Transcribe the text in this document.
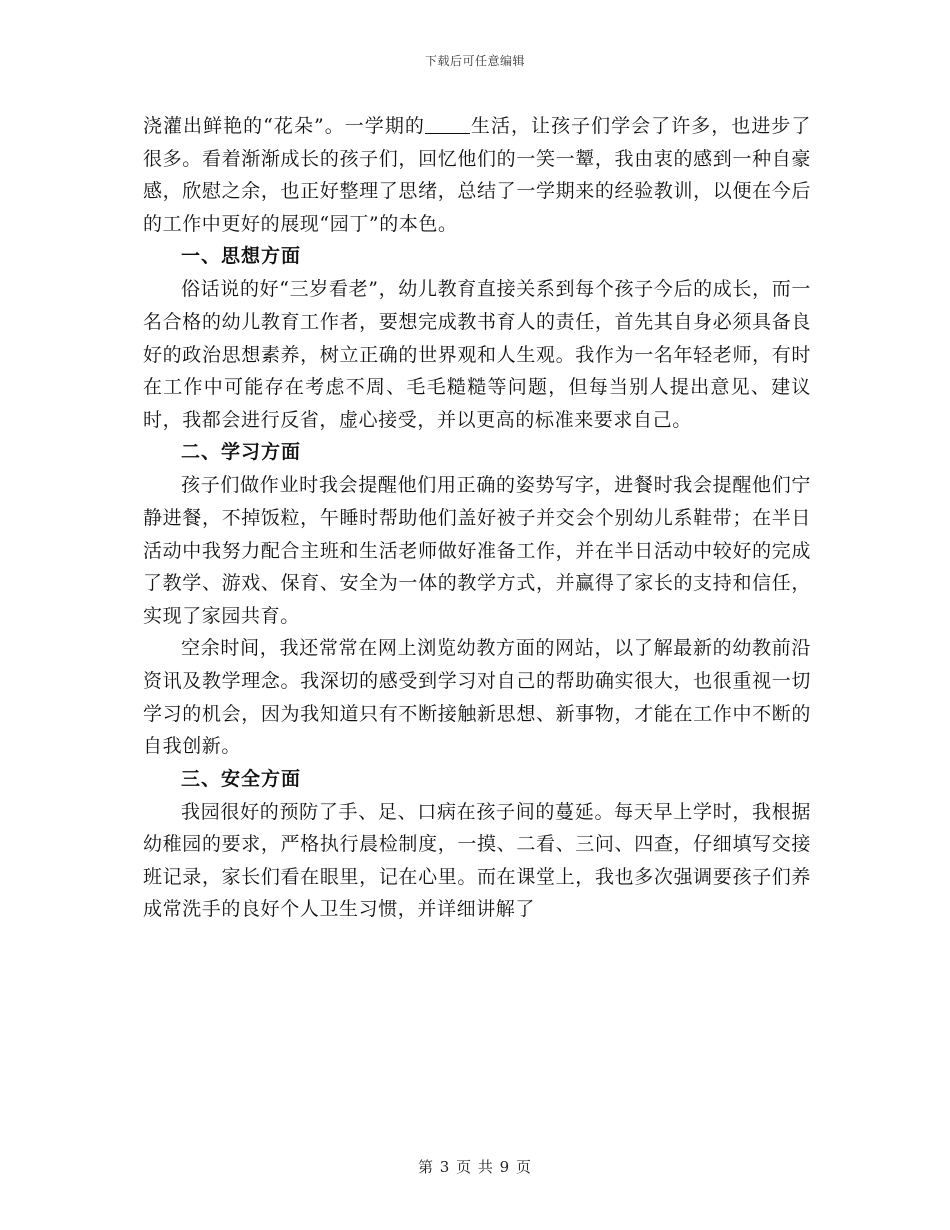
下载后可任意编辑

浇灌出鲜艳的“花朵”。一学期的 生活，让孩子们学会了许多，也进步了很多。看着渐渐成长的孩子们，回忆他们的一笑一颦，我由衷的感到一种自豪感，欣慰之余，也正好整理了思绪，总结了一学期来的经验教训，以便在今后的工作中更好的展现“园丁”的本色。

一、思想方面

俗话说的好“三岁看老”，幼儿教育直接关系到每个孩子今后的成长，而一名合格的幼儿教育工作者，要想完成教书育人的责任，首先其自身必须具备良好的政治思想素养，树立正确的世界观和人生观。我作为一名年轻老师，有时在工作中可能存在考虑不周、毛毛糙糙等问题，但每当别人提出意见、建议时，我都会进行反省，虚心接受，并以更高的标准来要求自己。

二、学习方面

孩子们做作业时我会提醒他们用正确的姿势写字，进餐时我会提醒他们宁静进餐，不掉饭粒，午睡时帮助他们盖好被子并交会个别幼儿系鞋带；在半日活动中我努力配合主班和生活老师做好准备工作，并在半日活动中较好的完成了教学、游戏、保育、安全为一体的教学方式，并赢得了家长的支持和信任，实现了家园共育。

空余时间，我还常常在网上浏览幼教方面的网站，以了解最新的幼教前沿资讯及教学理念。我深切的感受到学习对自己的帮助确实很大，也很重视一切学习的机会，因为我知道只有不断接触新思想、新事物，才能在工作中不断的自我创新。

三、安全方面

我园很好的预防了手、足、口病在孩子间的蔓延。每天早上学时，我根据幼稚园的要求，严格执行晨检制度，一摸、二看、三问、四查，仔细填写交接班记录，家长们看在眼里，记在心里。而在课堂上，我也多次强调要孩子们养成常洗手的良好个人卫生习惯，并详细讲解了

第 3 页 共 9 页
